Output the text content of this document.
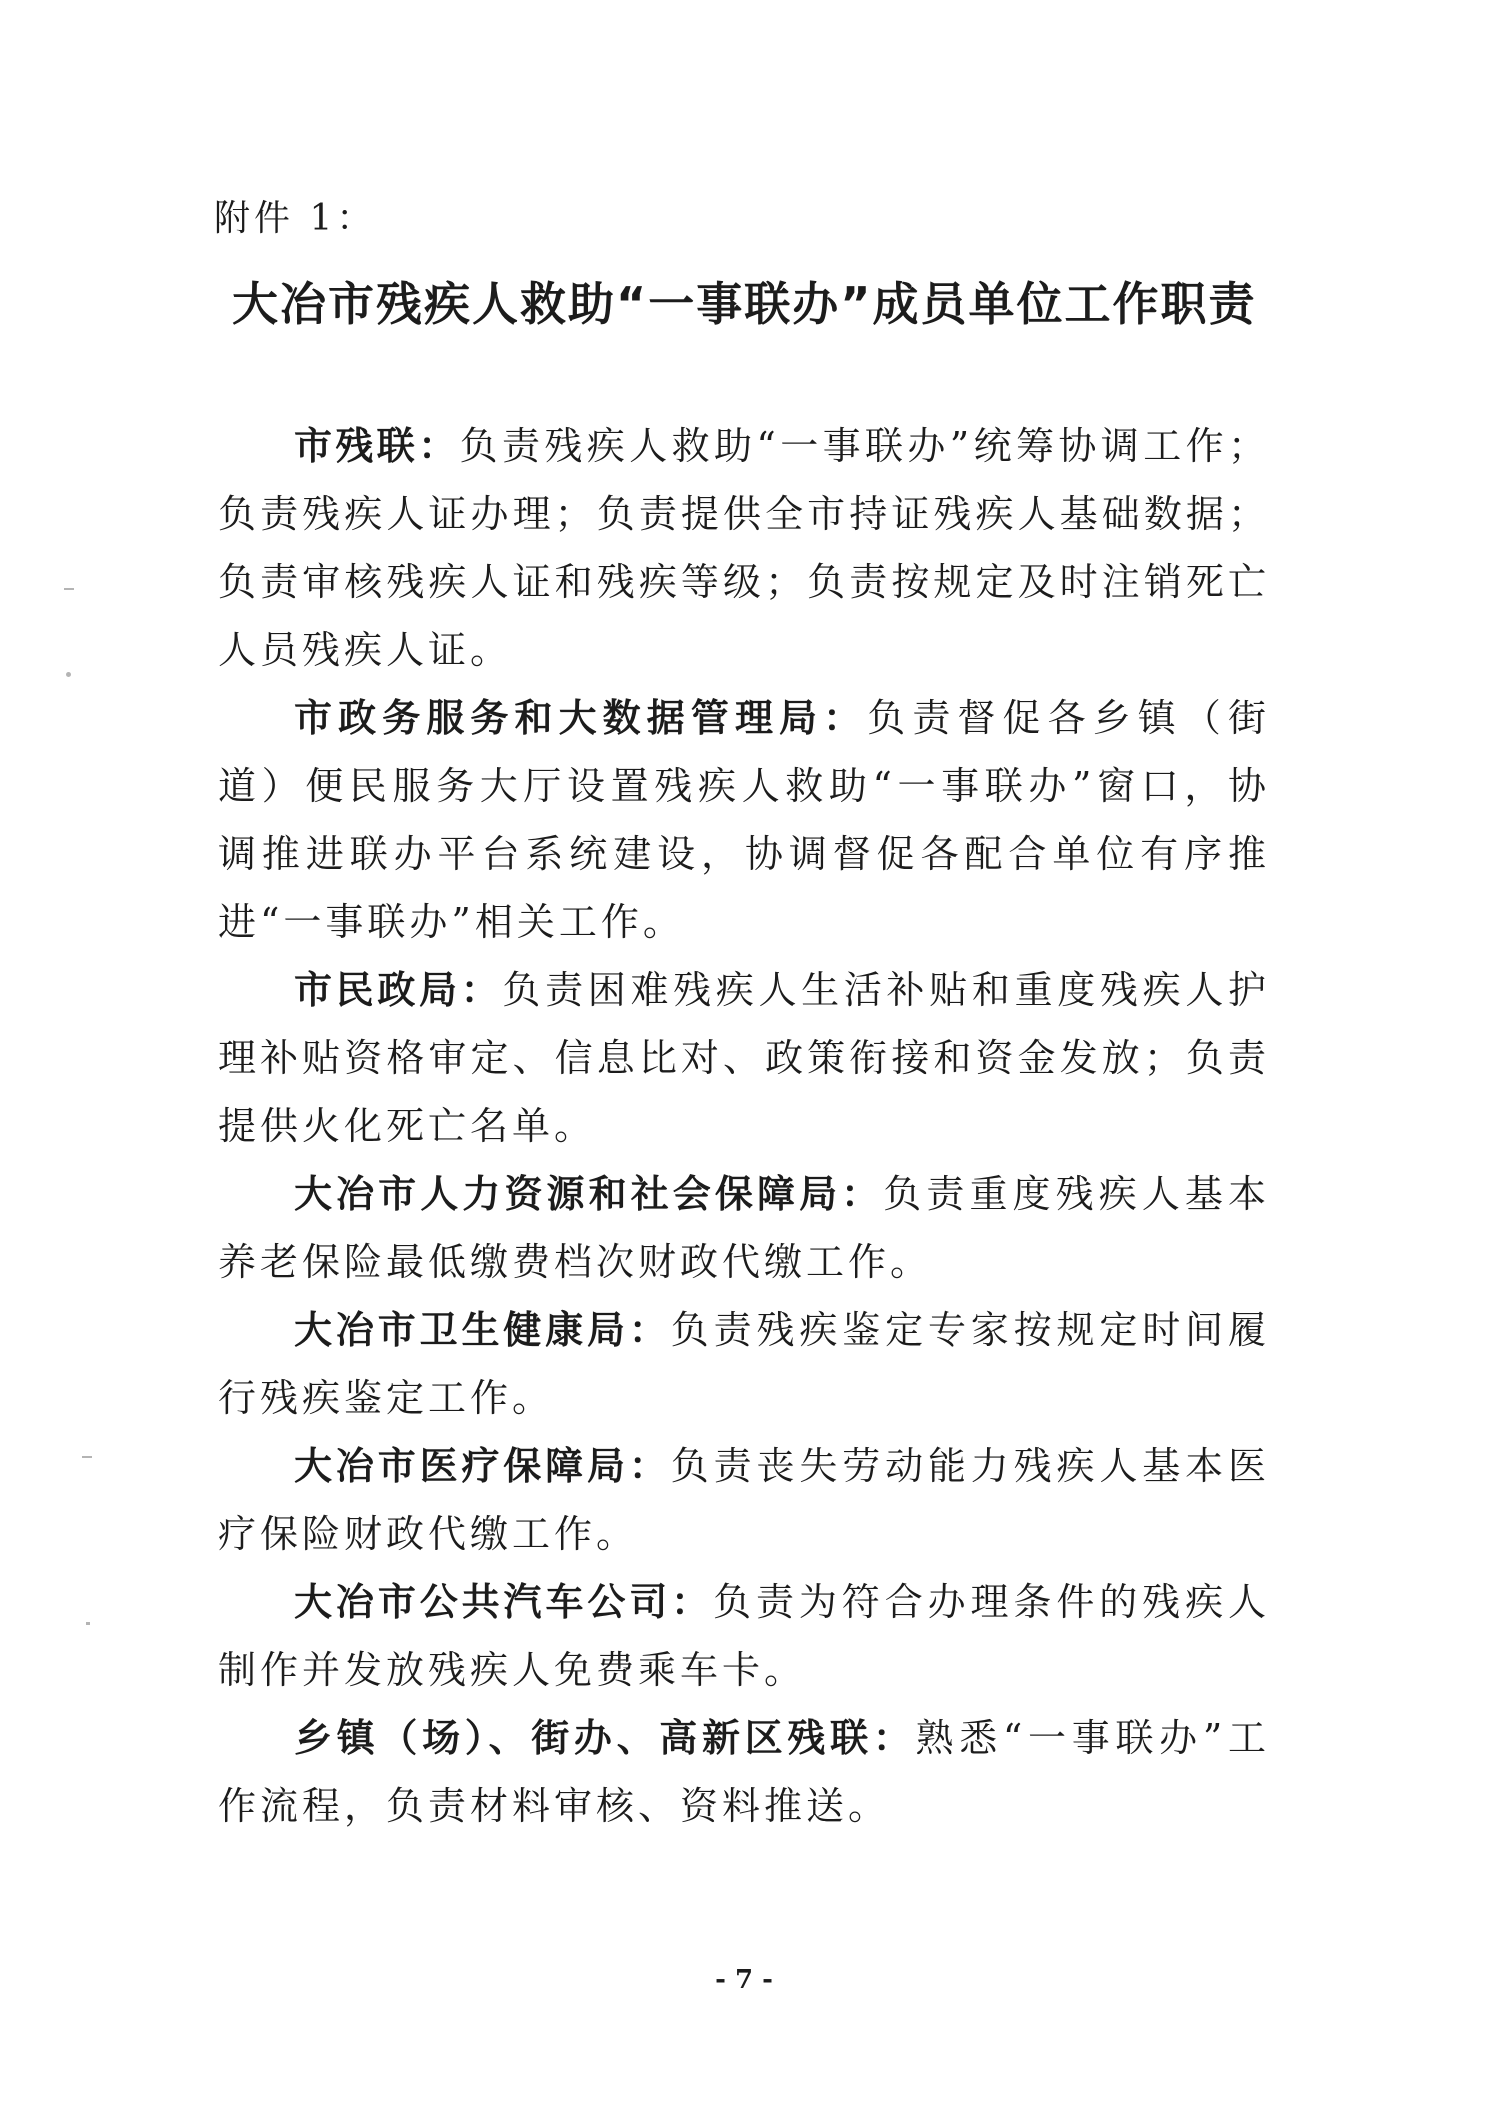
附件 1：
大冶市残疾人救助“一事联办”成员单位工作职责

市残联：负责残疾人救助“一事联办”统筹协调工作；负责残疾人证办理；负责提供全市持证残疾人基础数据；负责审核残疾人证和残疾等级；负责按规定及时注销死亡人员残疾人证。

市政务服务和大数据管理局：负责督促各乡镇（街道）便民服务大厅设置残疾人救助“一事联办”窗口，协调推进联办平台系统建设，协调督促各配合单位有序推进“一事联办”相关工作。

市民政局：负责困难残疾人生活补贴和重度残疾人护理补贴资格审定、信息比对、政策衔接和资金发放；负责提供火化死亡名单。

大冶市人力资源和社会保障局：负责重度残疾人基本养老保险最低缴费档次财政代缴工作。

大冶市卫生健康局：负责残疾鉴定专家按规定时间履行残疾鉴定工作。

大冶市医疗保障局：负责丧失劳动能力残疾人基本医疗保险财政代缴工作。

大冶市公共汽车公司：负责为符合办理条件的残疾人制作并发放残疾人免费乘车卡。

乡镇（场）、街办、高新区残联：熟悉“一事联办”工作流程，负责材料审核、资料推送。

- 7 -
